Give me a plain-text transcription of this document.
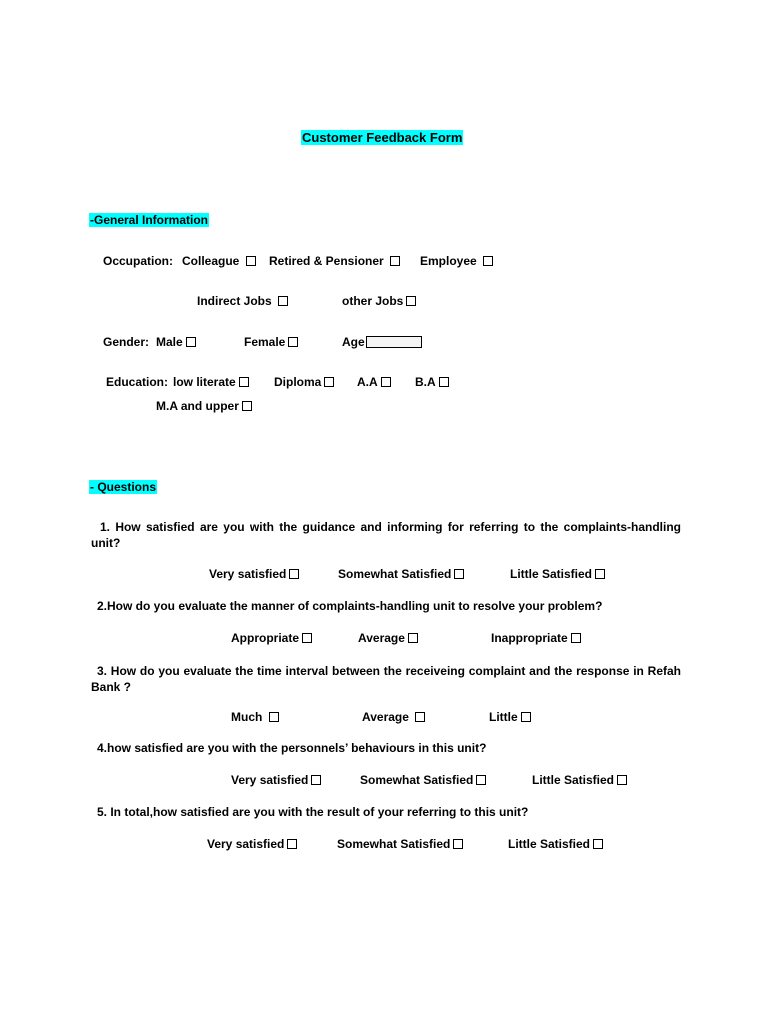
Customer Feedback Form
-General Information
Occupation: Colleague	Retired & Pensioner	Employee
Indirect Jobs	other Jobs
Gender: Male	Female	Age
Education: low literate	Diploma	A.A	B.A
M.A and upper
- Questions
1. How satisfied are you with the guidance and informing for referring to the complaints-handling unit?
Very satisfied	Somewhat Satisfied	Little Satisfied
2.How do you evaluate the manner of complaints-handling unit to resolve your problem?
Appropriate	Average	Inappropriate
3. How do you evaluate the time interval between the receiveing complaint and the response in Refah Bank ?
Much	Average	Little
4.how satisfied are you with the personnels’ behaviours in this unit?
Very satisfied	Somewhat Satisfied	Little Satisfied
5. In total,how satisfied are you with the result of your referring to this unit?
Very satisfied	Somewhat Satisfied	Little Satisfied
